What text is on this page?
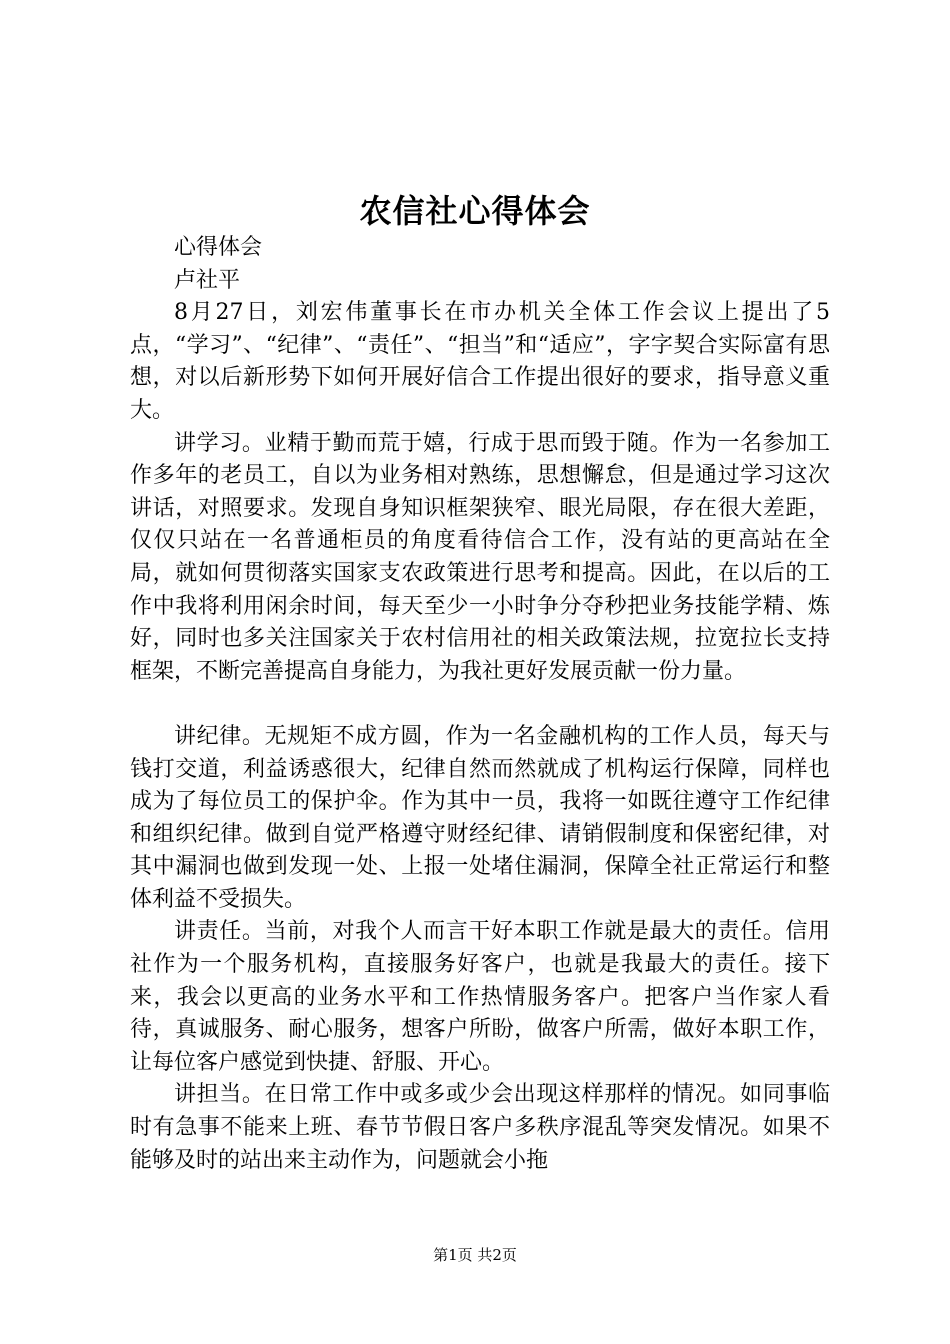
农信社心得体会

心得体会

卢社平

8月27日，刘宏伟董事长在市办机关全体工作会议上提出了5点，“学习”、“纪律”、“责任”、“担当”和“适应”，字字契合实际富有思想，对以后新形势下如何开展好信合工作提出很好的要求，指导意义重大。

讲学习。业精于勤而荒于嬉，行成于思而毁于随。作为一名参加工作多年的老员工，自以为业务相对熟练，思想懈怠，但是通过学习这次讲话，对照要求。发现自身知识框架狭窄、眼光局限，存在很大差距，仅仅只站在一名普通柜员的角度看待信合工作，没有站的更高站在全局，就如何贯彻落实国家支农政策进行思考和提高。因此，在以后的工作中我将利用闲余时间，每天至少一小时争分夺秒把业务技能学精、炼好，同时也多关注国家关于农村信用社的相关政策法规，拉宽拉长支持框架，不断完善提高自身能力，为我社更好发展贡献一份力量。

讲纪律。无规矩不成方圆，作为一名金融机构的工作人员，每天与钱打交道，利益诱惑很大，纪律自然而然就成了机构运行保障，同样也成为了每位员工的保护伞。作为其中一员，我将一如既往遵守工作纪律和组织纪律。做到自觉严格遵守财经纪律、请销假制度和保密纪律，对其中漏洞也做到发现一处、上报一处堵住漏洞，保障全社正常运行和整体利益不受损失。

讲责任。当前，对我个人而言干好本职工作就是最大的责任。信用社作为一个服务机构，直接服务好客户，也就是我最大的责任。接下来，我会以更高的业务水平和工作热情服务客户。把客户当作家人看待，真诚服务、耐心服务，想客户所盼，做客户所需，做好本职工作，让每位客户感觉到快捷、舒服、开心。

讲担当。在日常工作中或多或少会出现这样那样的情况。如同事临时有急事不能来上班、春节节假日客户多秩序混乱等突发情况。如果不能够及时的站出来主动作为，问题就会小拖

第1页 共2页
